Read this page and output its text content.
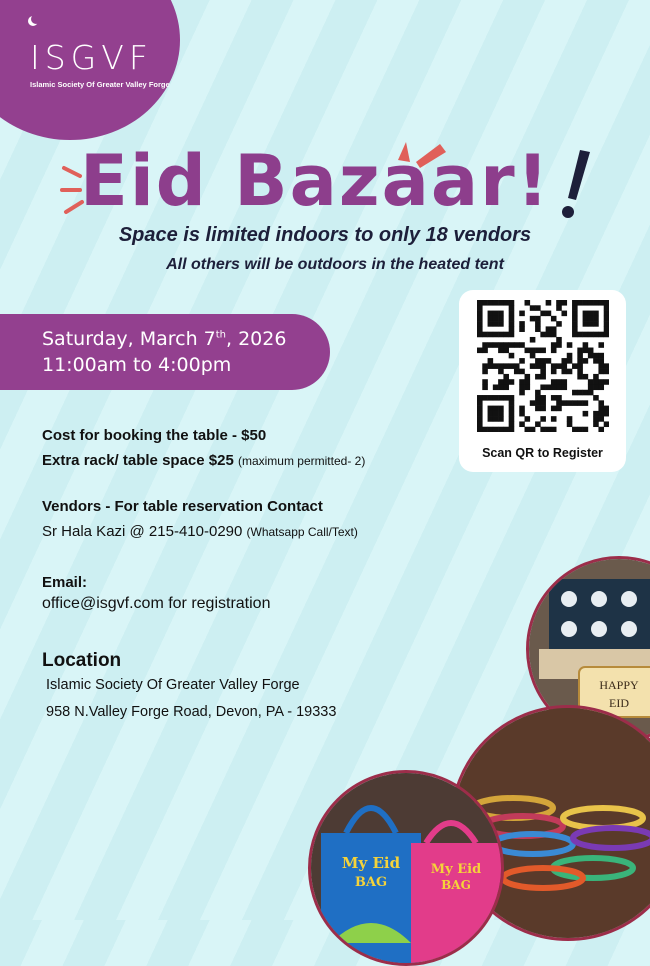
ISGVF
Islamic Society Of Greater Valley Forge
Eid Bazaar!
Space is limited indoors to only 18 vendors
All others will be outdoors in the heated tent
Saturday, March 7th, 2026
11:00am to 4:00pm
Scan QR to Register
Cost for booking the table - $50
Extra rack/ table space $25 (maximum permitted- 2)
Vendors - For table reservation Contact
Sr Hala Kazi @ 215-410-0290 (Whatsapp Call/Text)
Email:
office@isgvf.com for registration
Location
Islamic Society Of Greater Valley Forge
958 N.Valley Forge Road, Devon, PA - 19333
HAPPY
EID
My Eid
BAG
My Eid
BAG
